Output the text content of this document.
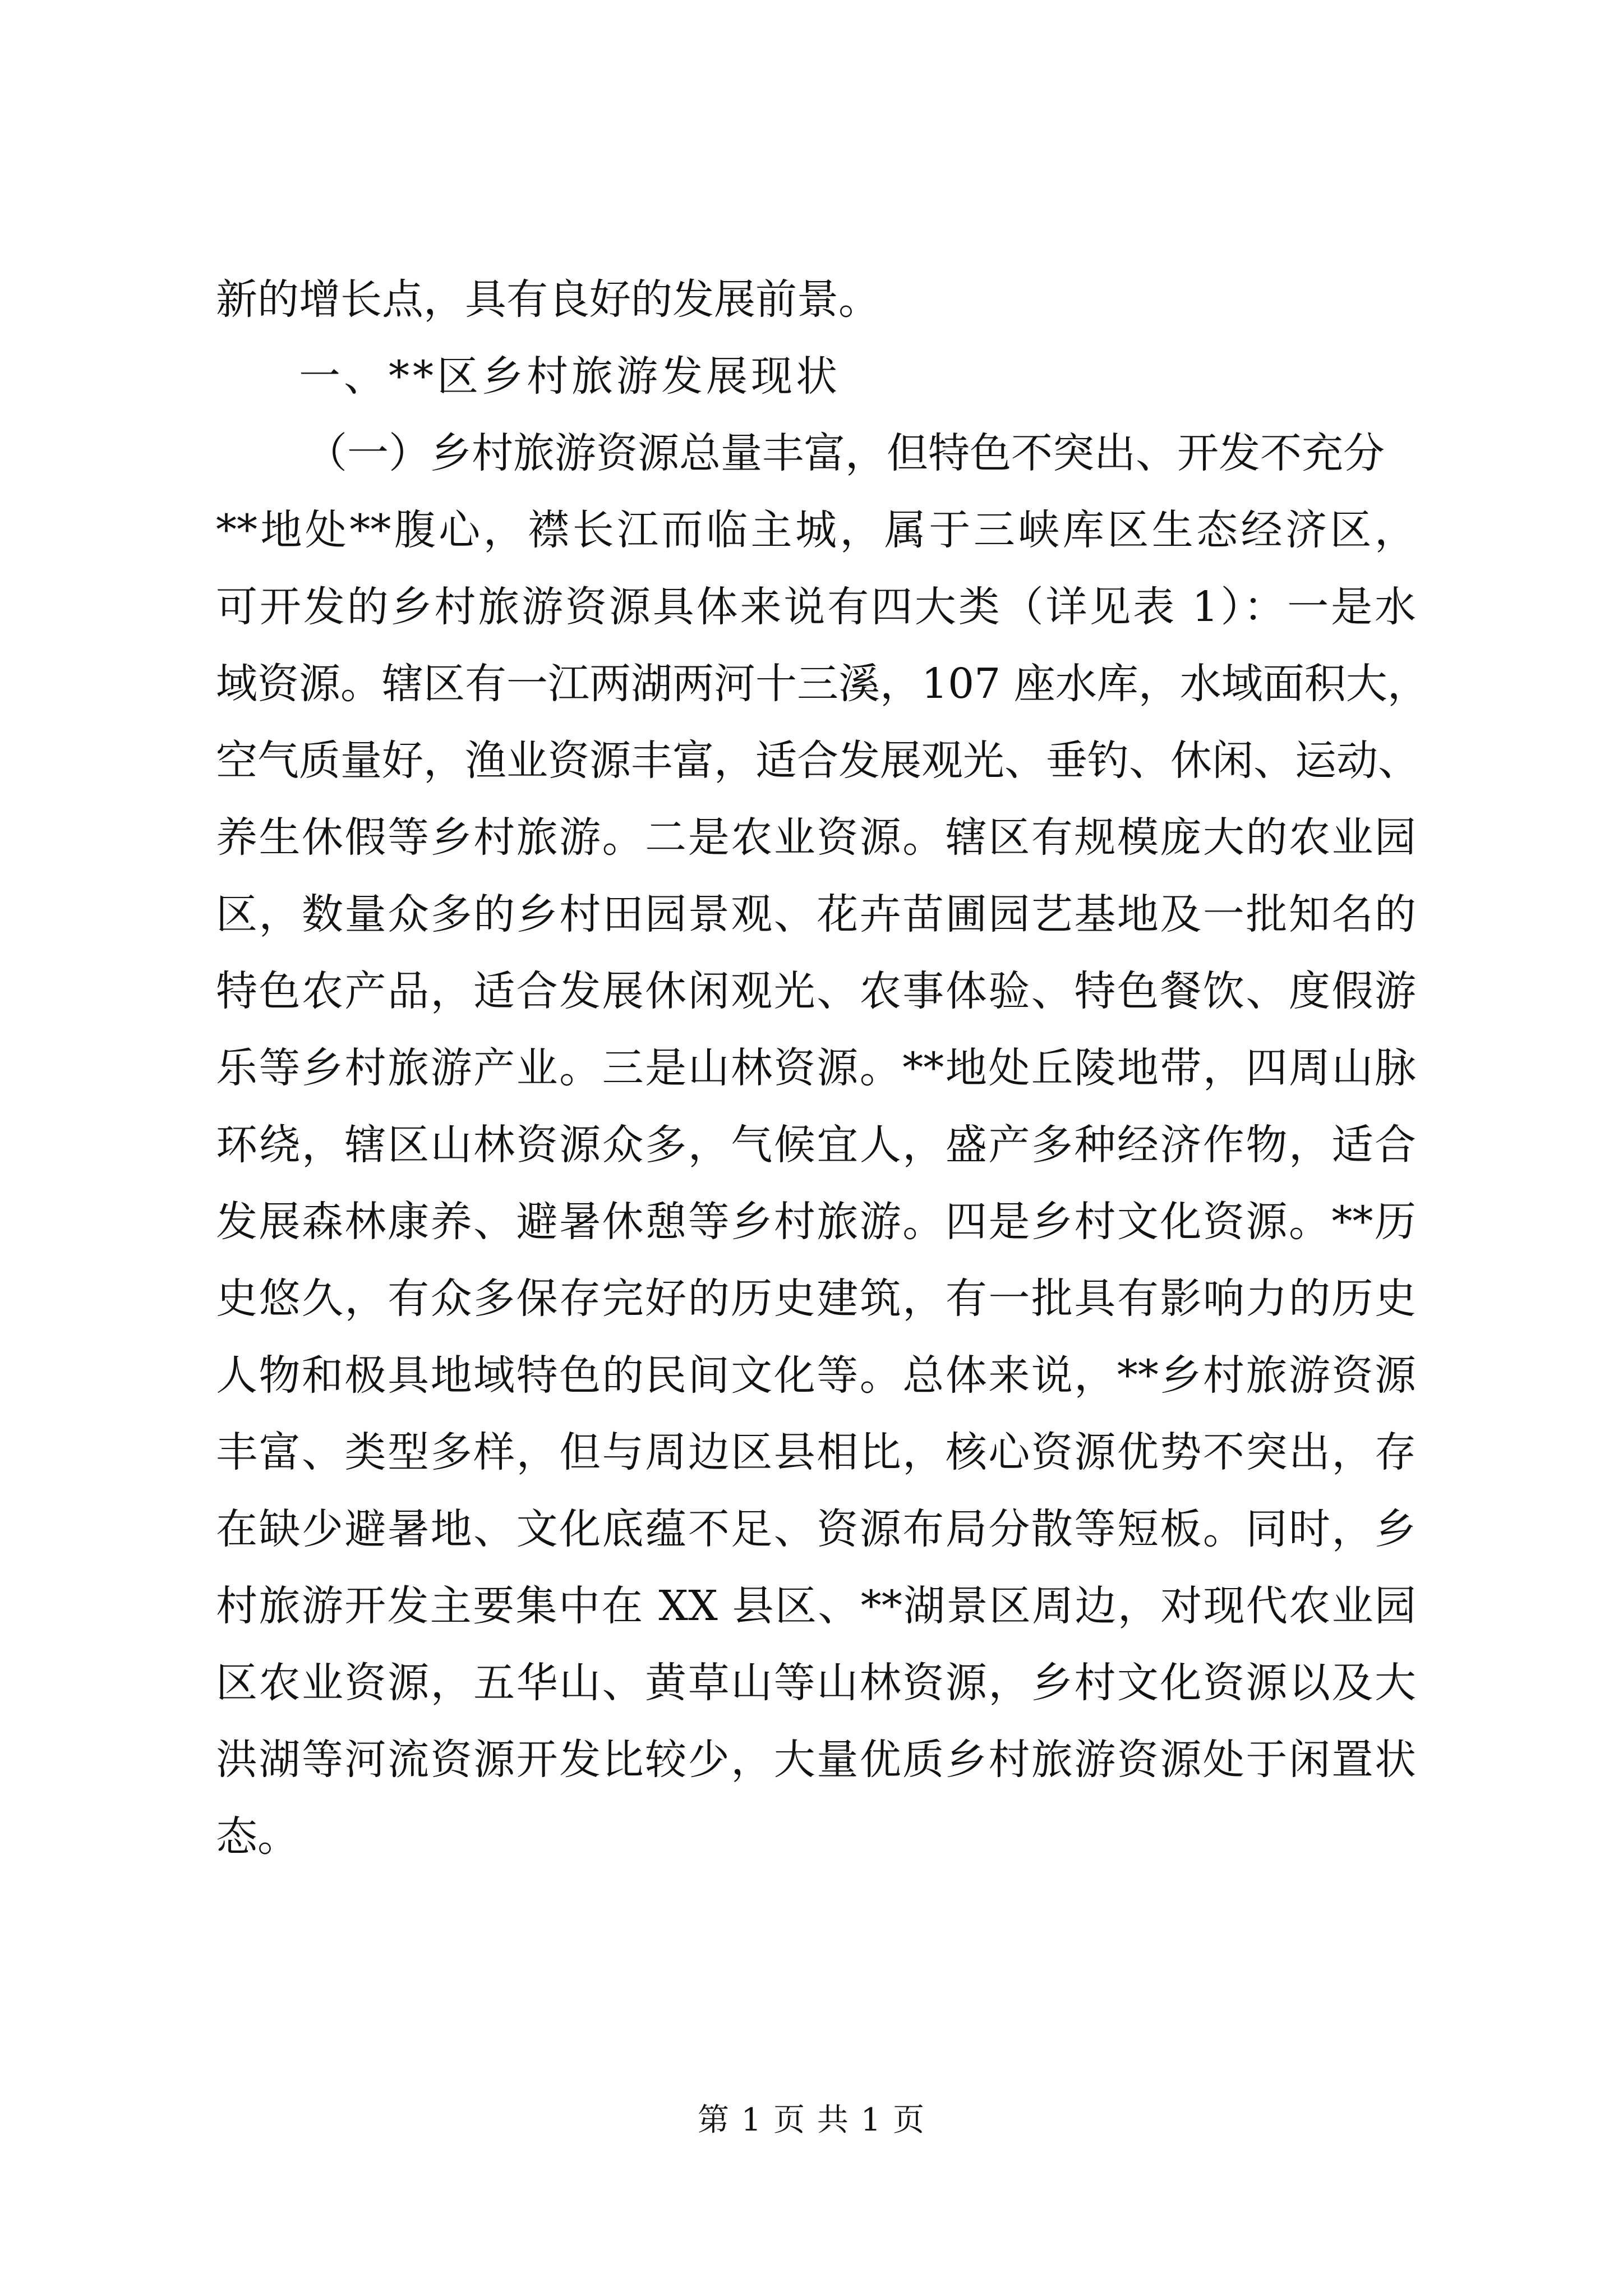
新的增长点，具有良好的发展前景。
一、**区乡村旅游发展现状
（一）乡村旅游资源总量丰富，但特色不突出、开发不充分
**地处**腹心，襟长江而临主城，属于三峡库区生态经济区，
可开发的乡村旅游资源具体来说有四大类（详见表 1）：一是水
域资源。辖区有一江两湖两河十三溪，107 座水库，水域面积大，
空气质量好，渔业资源丰富，适合发展观光、垂钓、休闲、运动、
养生休假等乡村旅游。二是农业资源。辖区有规模庞大的农业园
区，数量众多的乡村田园景观、花卉苗圃园艺基地及一批知名的
特色农产品，适合发展休闲观光、农事体验、特色餐饮、度假游
乐等乡村旅游产业。三是山林资源。**地处丘陵地带，四周山脉
环绕，辖区山林资源众多，气候宜人，盛产多种经济作物，适合
发展森林康养、避暑休憩等乡村旅游。四是乡村文化资源。**历
史悠久，有众多保存完好的历史建筑，有一批具有影响力的历史
人物和极具地域特色的民间文化等。总体来说，**乡村旅游资源
丰富、类型多样，但与周边区县相比，核心资源优势不突出，存
在缺少避暑地、文化底蕴不足、资源布局分散等短板。同时，乡
村旅游开发主要集中在 XX 县区、**湖景区周边，对现代农业园
区农业资源，五华山、黄草山等山林资源，乡村文化资源以及大
洪湖等河流资源开发比较少，大量优质乡村旅游资源处于闲置状
态。
第 1 页 共 1 页
